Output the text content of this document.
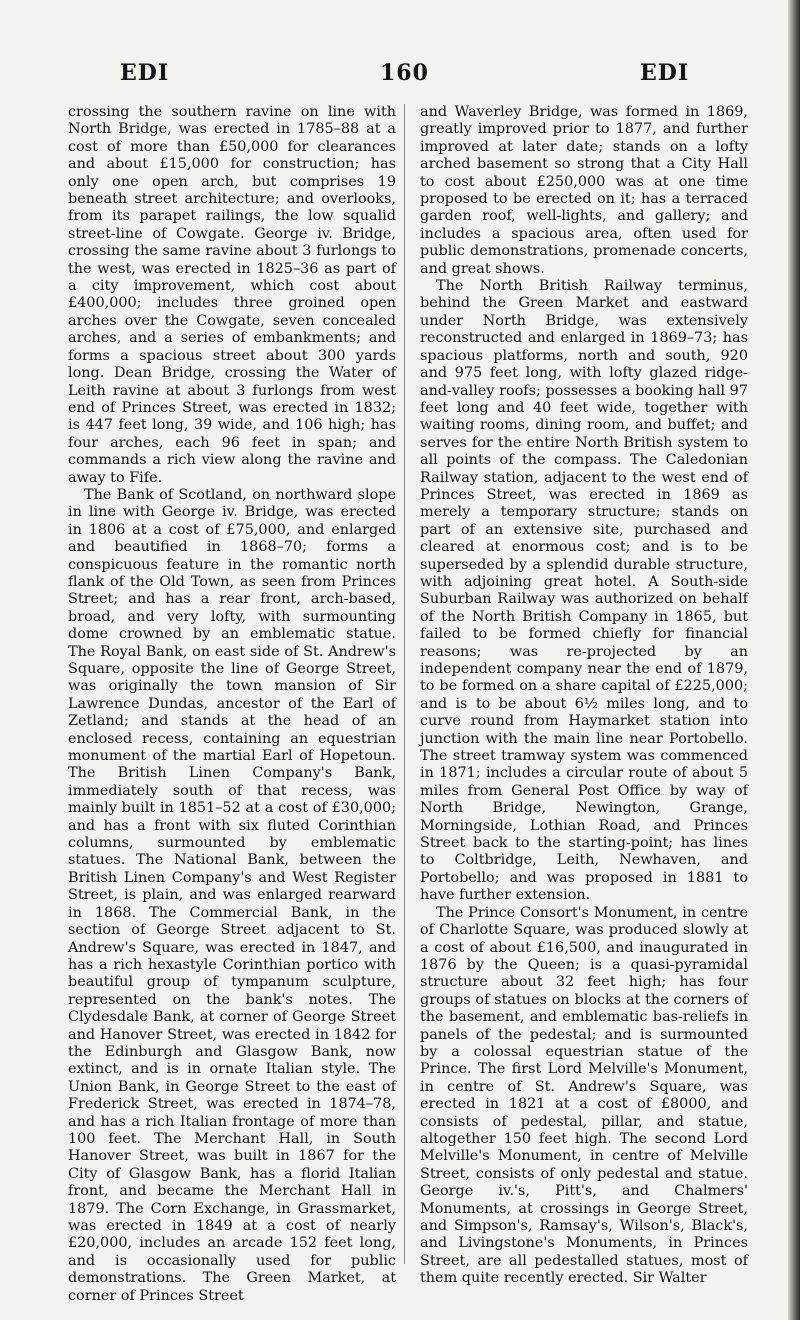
EDI	160	EDI

crossing the southern ravine on line with North Bridge, was erected in 1785–88 at a cost of more than £50,000 for clearances and about £15,000 for construction; has only one open arch, but comprises 19 beneath street architecture; and overlooks, from its parapet railings, the low squalid street-line of Cowgate. George iv. Bridge, crossing the same ravine about 3 furlongs to the west, was erected in 1825–36 as part of a city improvement, which cost about £400,000; includes three groined open arches over the Cowgate, seven concealed arches, and a series of embankments; and forms a spacious street about 300 yards long. Dean Bridge, crossing the Water of Leith ravine at about 3 furlongs from west end of Princes Street, was erected in 1832; is 447 feet long, 39 wide, and 106 high; has four arches, each 96 feet in span; and commands a rich view along the ravine and away to Fife.

The Bank of Scotland, on northward slope in line with George iv. Bridge, was erected in 1806 at a cost of £75,000, and enlarged and beautified in 1868–70; forms a conspicuous feature in the romantic north flank of the Old Town, as seen from Princes Street; and has a rear front, arch-based, broad, and very lofty, with surmounting dome crowned by an emblematic statue. The Royal Bank, on east side of St. Andrew's Square, opposite the line of George Street, was originally the town mansion of Sir Lawrence Dundas, ancestor of the Earl of Zetland; and stands at the head of an enclosed recess, containing an equestrian monument of the martial Earl of Hopetoun. The British Linen Company's Bank, immediately south of that recess, was mainly built in 1851–52 at a cost of £30,000; and has a front with six fluted Corinthian columns, surmounted by emblematic statues. The National Bank, between the British Linen Company's and West Register Street, is plain, and was enlarged rearward in 1868. The Commercial Bank, in the section of George Street adjacent to St. Andrew's Square, was erected in 1847, and has a rich hexastyle Corinthian portico with beautiful group of tympanum sculpture, represented on the bank's notes. The Clydesdale Bank, at corner of George Street and Hanover Street, was erected in 1842 for the Edinburgh and Glasgow Bank, now extinct, and is in ornate Italian style. The Union Bank, in George Street to the east of Frederick Street, was erected in 1874–78, and has a rich Italian frontage of more than 100 feet. The Merchant Hall, in South Hanover Street, was built in 1867 for the City of Glasgow Bank, has a florid Italian front, and became the Merchant Hall in 1879. The Corn Exchange, in Grassmarket, was erected in 1849 at a cost of nearly £20,000, includes an arcade 152 feet long, and is occasionally used for public demonstrations. The Green Market, at corner of Princes Street

and Waverley Bridge, was formed in 1869, greatly improved prior to 1877, and further improved at later date; stands on a lofty arched basement so strong that a City Hall to cost about £250,000 was at one time proposed to be erected on it; has a terraced garden roof, well-lights, and gallery; and includes a spacious area, often used for public demonstrations, promenade concerts, and great shows.

The North British Railway terminus, behind the Green Market and eastward under North Bridge, was extensively reconstructed and enlarged in 1869–73; has spacious platforms, north and south, 920 and 975 feet long, with lofty glazed ridge-and-valley roofs; possesses a booking hall 97 feet long and 40 feet wide, together with waiting rooms, dining room, and buffet; and serves for the entire North British system to all points of the compass. The Caledonian Railway station, adjacent to the west end of Princes Street, was erected in 1869 as merely a temporary structure; stands on part of an extensive site, purchased and cleared at enormous cost; and is to be superseded by a splendid durable structure, with adjoining great hotel. A South-side Suburban Railway was authorized on behalf of the North British Company in 1865, but failed to be formed chiefly for financial reasons; was re-projected by an independent company near the end of 1879, to be formed on a share capital of £225,000; and is to be about 6½ miles long, and to curve round from Haymarket station into junction with the main line near Portobello. The street tramway system was commenced in 1871; includes a circular route of about 5 miles from General Post Office by way of North Bridge, Newington, Grange, Morningside, Lothian Road, and Princes Street back to the starting-point; has lines to Coltbridge, Leith, Newhaven, and Portobello; and was proposed in 1881 to have further extension.

The Prince Consort's Monument, in centre of Charlotte Square, was produced slowly at a cost of about £16,500, and inaugurated in 1876 by the Queen; is a quasi-pyramidal structure about 32 feet high; has four groups of statues on blocks at the corners of the basement, and emblematic bas-reliefs in panels of the pedestal; and is surmounted by a colossal equestrian statue of the Prince. The first Lord Melville's Monument, in centre of St. Andrew's Square, was erected in 1821 at a cost of £8000, and consists of pedestal, pillar, and statue, altogether 150 feet high. The second Lord Melville's Monument, in centre of Melville Street, consists of only pedestal and statue. George iv.'s, Pitt's, and Chalmers' Monuments, at crossings in George Street, and Simpson's, Ramsay's, Wilson's, Black's, and Livingstone's Monuments, in Princes Street, are all pedestalled statues, most of them quite recently erected. Sir Walter
